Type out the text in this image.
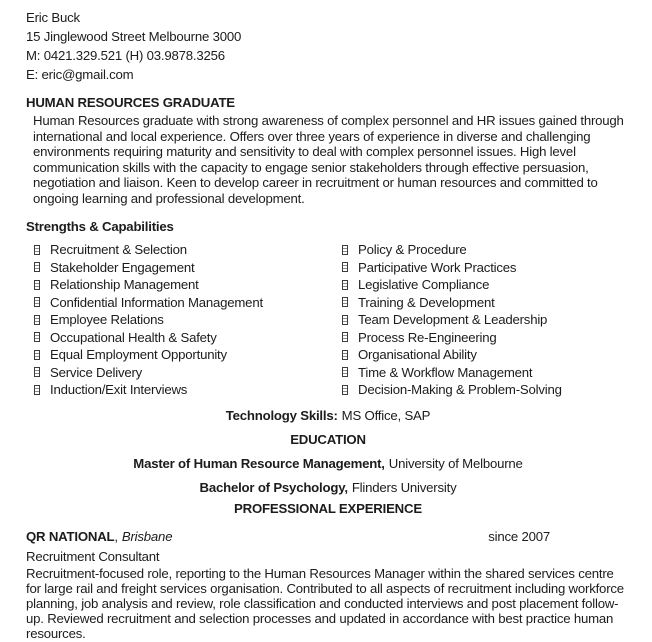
Eric Buck
15 Jinglewood Street Melbourne 3000
M: 0421.329.521 (H) 03.9878.3256
E: eric@gmail.com
HUMAN RESOURCES GRADUATE
Human Resources graduate with strong awareness of complex personnel and HR issues gained through international and local experience. Offers over three years of experience in diverse and challenging environments requiring maturity and sensitivity to deal with complex personnel issues. High level communication skills with the capacity to engage senior stakeholders through effective persuasion, negotiation and liaison. Keen to develop career in recruitment or human resources and committed to ongoing learning and professional development.
Strengths & Capabilities
Recruitment & Selection
Stakeholder Engagement
Relationship Management
Confidential Information Management
Employee Relations
Occupational Health & Safety
Equal Employment Opportunity
Service Delivery
Induction/Exit Interviews
Policy & Procedure
Participative Work Practices
Legislative Compliance
Training & Development
Team Development & Leadership
Process Re-Engineering
Organisational Ability
Time & Workflow Management
Decision-Making & Problem-Solving
Technology Skills: MS Office, SAP
EDUCATION
Master of Human Resource Management, University of Melbourne
Bachelor of Psychology, Flinders University
PROFESSIONAL EXPERIENCE
QR NATIONAL, Brisbane	since 2007
Recruitment Consultant
Recruitment-focused role, reporting to the Human Resources Manager within the shared services centre for large rail and freight services organisation. Contributed to all aspects of recruitment including workforce planning, job analysis and review, role classification and conducted interviews and post placement follow-up. Reviewed recruitment and selection processes and updated in accordance with best practice human resources.
